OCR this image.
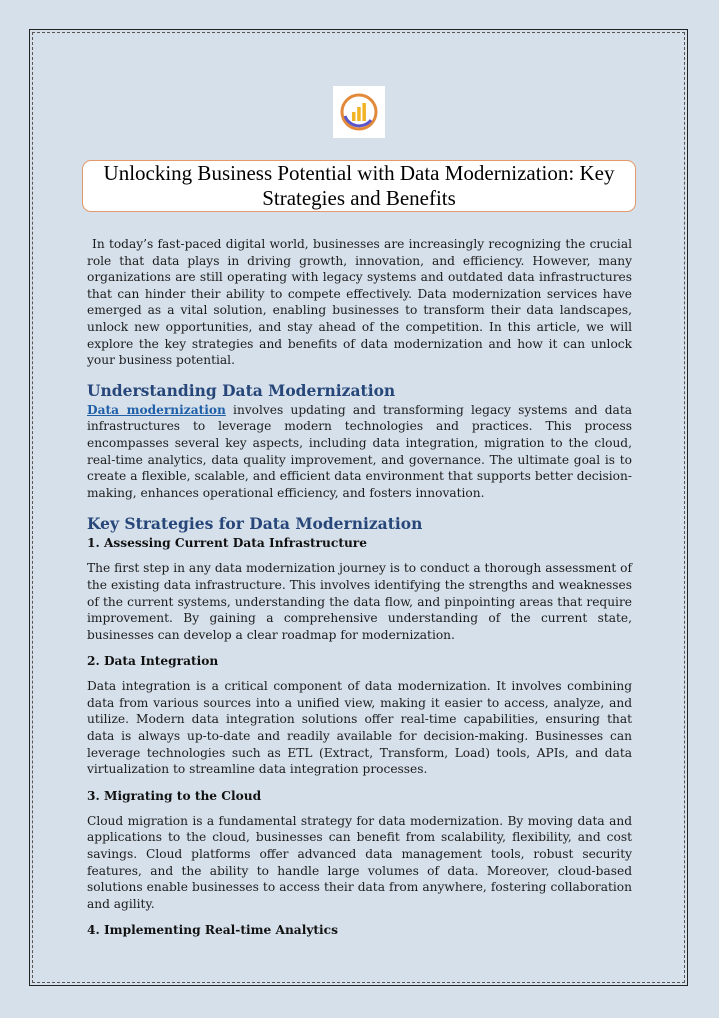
Unlocking Business Potential with Data Modernization: Key Strategies and Benefits

In today’s fast-paced digital world, businesses are increasingly recognizing the crucial role that data plays in driving growth, innovation, and efficiency. However, many organizations are still operating with legacy systems and outdated data infrastructures that can hinder their ability to compete effectively. Data modernization services have emerged as a vital solution, enabling businesses to transform their data landscapes, unlock new opportunities, and stay ahead of the competition. In this article, we will explore the key strategies and benefits of data modernization and how it can unlock your business potential.

Understanding Data Modernization

Data modernization involves updating and transforming legacy systems and data infrastructures to leverage modern technologies and practices. This process encompasses several key aspects, including data integration, migration to the cloud, real-time analytics, data quality improvement, and governance. The ultimate goal is to create a flexible, scalable, and efficient data environment that supports better decision-making, enhances operational efficiency, and fosters innovation.

Key Strategies for Data Modernization
1. Assessing Current Data Infrastructure

The first step in any data modernization journey is to conduct a thorough assessment of the existing data infrastructure. This involves identifying the strengths and weaknesses of the current systems, understanding the data flow, and pinpointing areas that require improvement. By gaining a comprehensive understanding of the current state, businesses can develop a clear roadmap for modernization.

2. Data Integration

Data integration is a critical component of data modernization. It involves combining data from various sources into a unified view, making it easier to access, analyze, and utilize. Modern data integration solutions offer real-time capabilities, ensuring that data is always up-to-date and readily available for decision-making. Businesses can leverage technologies such as ETL (Extract, Transform, Load) tools, APIs, and data virtualization to streamline data integration processes.

3. Migrating to the Cloud

Cloud migration is a fundamental strategy for data modernization. By moving data and applications to the cloud, businesses can benefit from scalability, flexibility, and cost savings. Cloud platforms offer advanced data management tools, robust security features, and the ability to handle large volumes of data. Moreover, cloud-based solutions enable businesses to access their data from anywhere, fostering collaboration and agility.

4. Implementing Real-time Analytics
